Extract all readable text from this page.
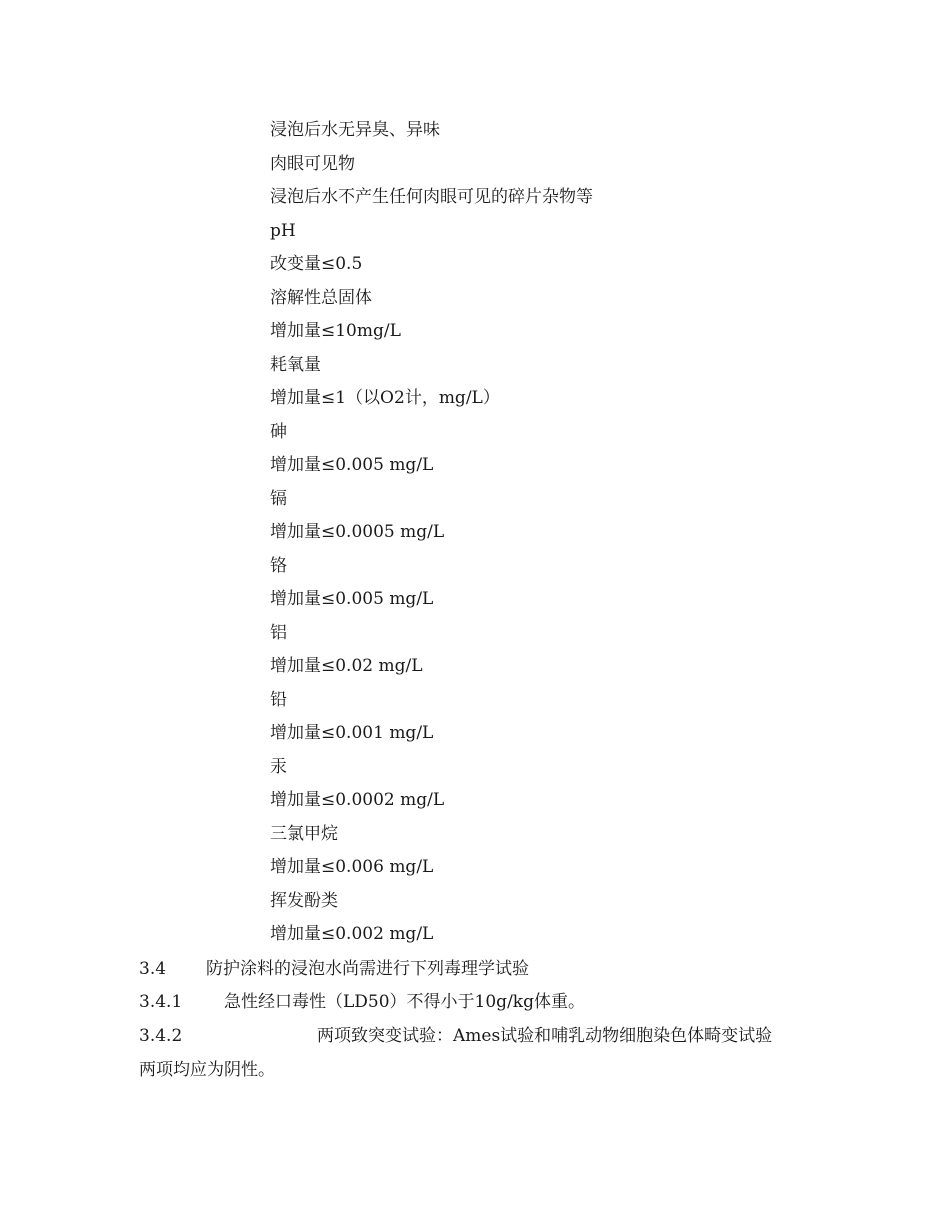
浸泡后水无异臭、异味
肉眼可见物
浸泡后水不产生任何肉眼可见的碎片杂物等
pH
改变量≤0.5
溶解性总固体
增加量≤10mg/L
耗氧量
增加量≤1（以O2计，mg/L）
砷
增加量≤0.005 mg/L
镉
增加量≤0.0005 mg/L
铬
增加量≤0.005 mg/L
铝
增加量≤0.02 mg/L
铅
增加量≤0.001 mg/L
汞
增加量≤0.0002 mg/L
三氯甲烷
增加量≤0.006 mg/L
挥发酚类
增加量≤0.002 mg/L
3.4 防护涂料的浸泡水尚需进行下列毒理学试验
3.4.1 急性经口毒性（LD50）不得小于10g/kg体重。
3.4.2	两项致突变试验：Ames试验和哺乳动物细胞染色体畸变试验
两项均应为阴性。
